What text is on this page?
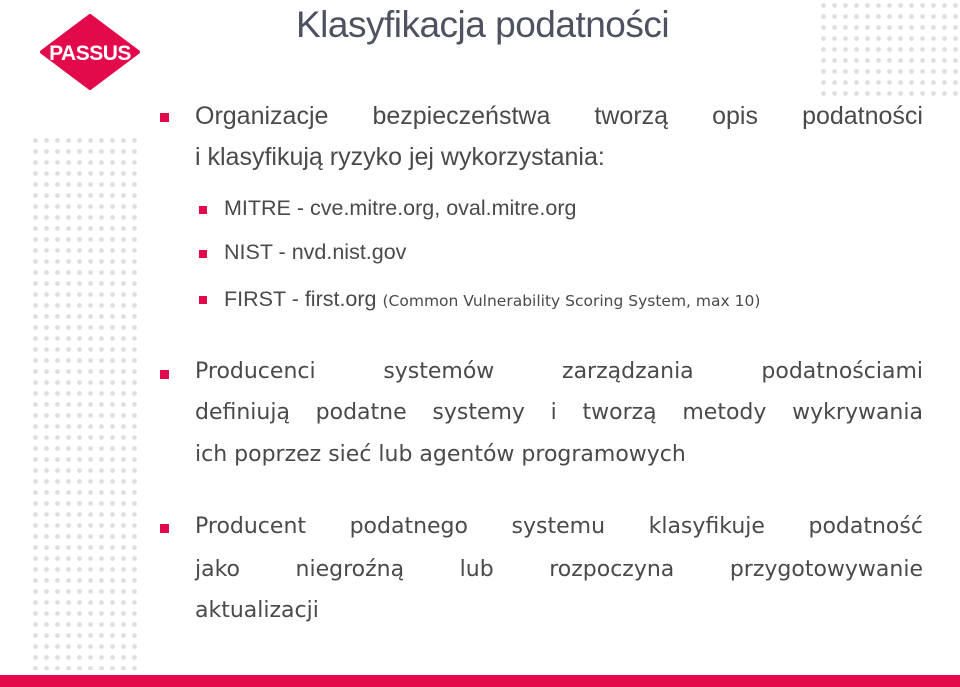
PASSUS
Klasyfikacja podatności
Organizacje bezpieczeństwa tworzą opis podatności
i klasyfikują ryzyko jej wykorzystania:
MITRE - cve.mitre.org, oval.mitre.org
NIST - nvd.nist.gov
FIRST - first.org (Common Vulnerability Scoring System, max 10)
Producenci	systemów	zarządzania	podatnościami
definiują podatne systemy i tworzą metody wykrywania
ich poprzez sieć lub agentów programowych
Producent podatnego systemu klasyfikuje podatność
jako	niegroźną	lub	rozpoczyna	przygotowywanie
aktualizacji
